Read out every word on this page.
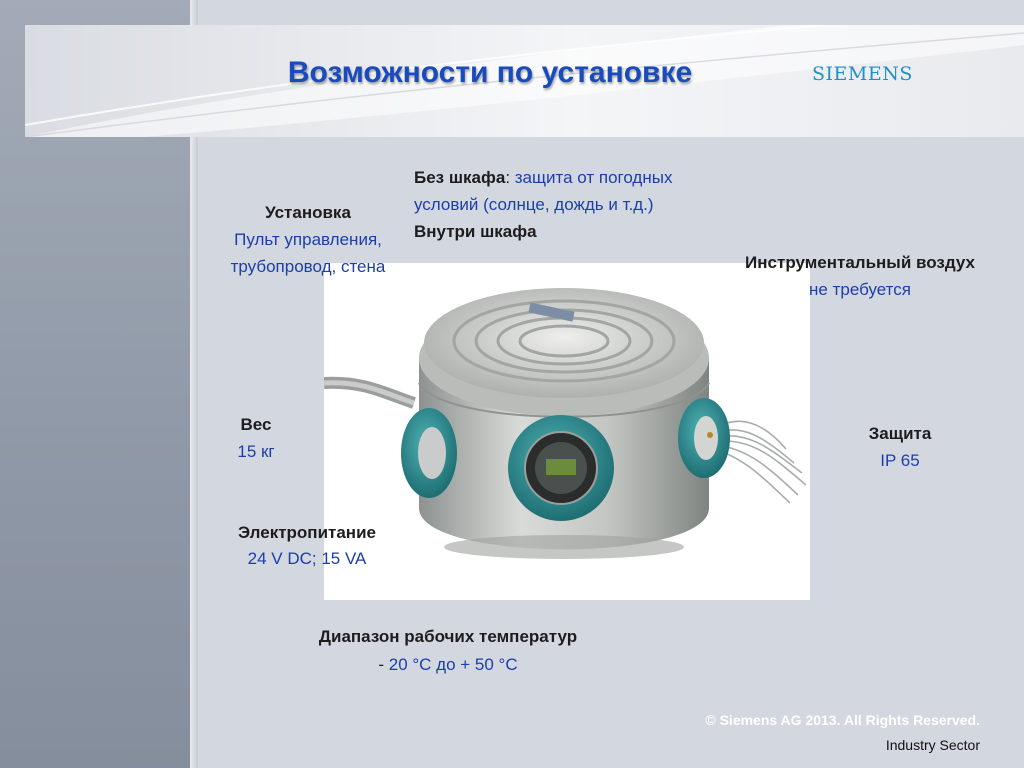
Возможности по установке	SIEMENS
Без шкафа: защита от погодных условий (солнце, дождь и т.д.)
Внутри шкафа
Установка
Пульт управления, трубопровод, стена	Инструментальный воздух
не требуется
Вес
15 кг
Защита
IP 65
Электропитание
24 V DC; 15 VA
Диапазон рабочих температур
- 20 °C до + 50 °C
© Siemens AG 2013. All Rights Reserved.
Industry Sector
